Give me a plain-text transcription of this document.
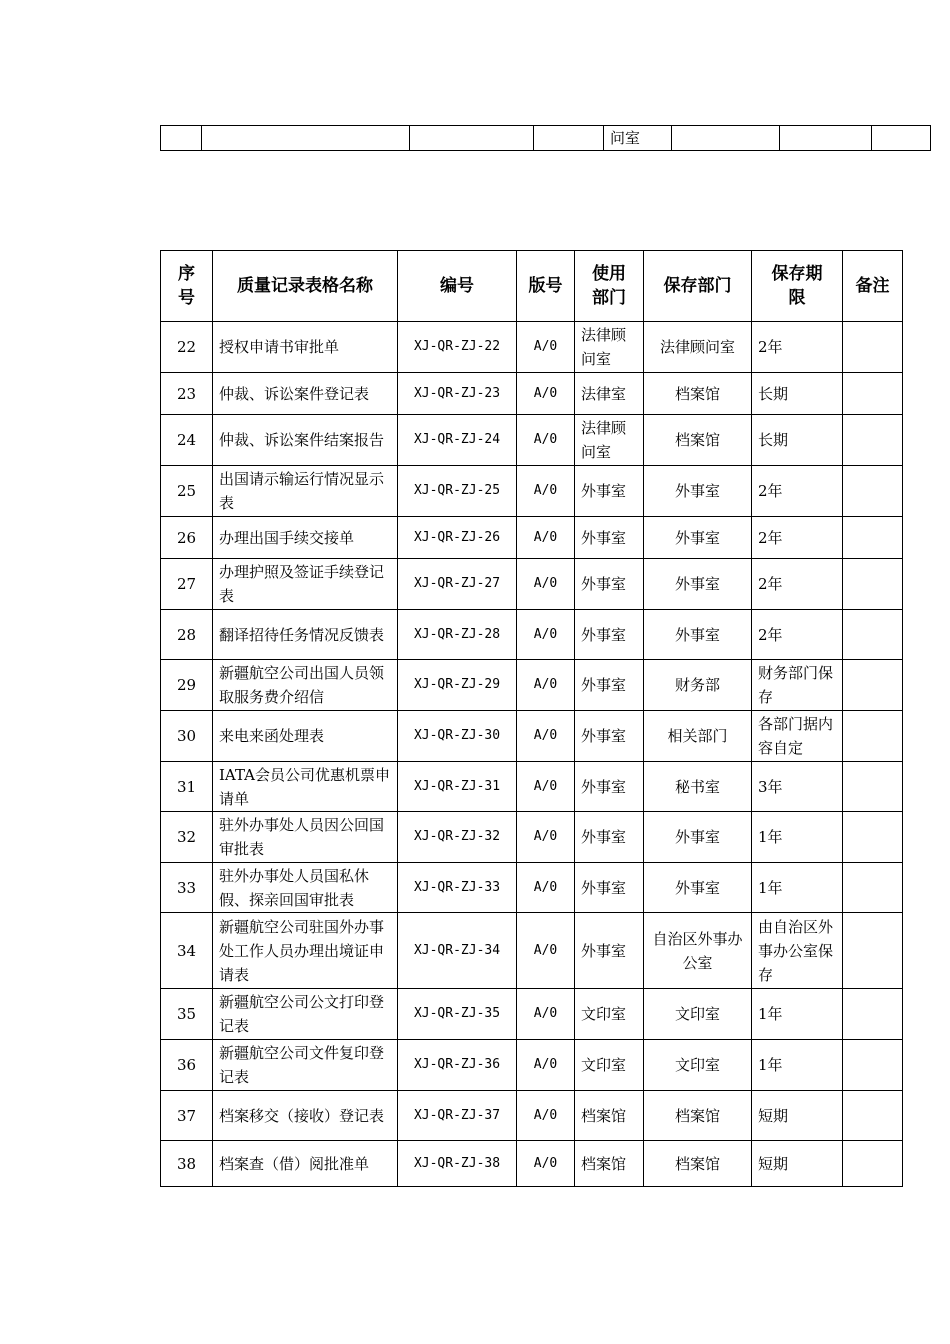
				问室			
序号	质量记录表格名称	编号	版号	使用部门	保存部门	保存期限	备注
22	授权申请书审批单	XJ-QR-ZJ-22	A/0	法律顾问室	法律顾问室	2年	
23	仲裁、诉讼案件登记表	XJ-QR-ZJ-23	A/0	法律室	档案馆	长期	
24	仲裁、诉讼案件结案报告	XJ-QR-ZJ-24	A/0	法律顾问室	档案馆	长期	
25	出国请示输运行情况显示表	XJ-QR-ZJ-25	A/0	外事室	外事室	2年	
26	办理出国手续交接单	XJ-QR-ZJ-26	A/0	外事室	外事室	2年	
27	办理护照及签证手续登记表	XJ-QR-ZJ-27	A/0	外事室	外事室	2年	
28	翻译招待任务情况反馈表	XJ-QR-ZJ-28	A/0	外事室	外事室	2年	
29	新疆航空公司出国人员领取服务费介绍信	XJ-QR-ZJ-29	A/0	外事室	财务部	财务部门保存	
30	来电来函处理表	XJ-QR-ZJ-30	A/0	外事室	相关部门	各部门据内容自定	
31	IATA会员公司优惠机票申请单	XJ-QR-ZJ-31	A/0	外事室	秘书室	3年	
32	驻外办事处人员因公回国审批表	XJ-QR-ZJ-32	A/0	外事室	外事室	1年	
33	驻外办事处人员国私休假、探亲回国审批表	XJ-QR-ZJ-33	A/0	外事室	外事室	1年	
34	新疆航空公司驻国外办事处工作人员办理出境证申请表	XJ-QR-ZJ-34	A/0	外事室	自治区外事办公室	由自治区外事办公室保存	
35	新疆航空公司公文打印登记表	XJ-QR-ZJ-35	A/0	文印室	文印室	1年	
36	新疆航空公司文件复印登记表	XJ-QR-ZJ-36	A/0	文印室	文印室	1年	
37	档案移交（接收）登记表	XJ-QR-ZJ-37	A/0	档案馆	档案馆	短期	
38	档案查（借）阅批准单	XJ-QR-ZJ-38	A/0	档案馆	档案馆	短期	
